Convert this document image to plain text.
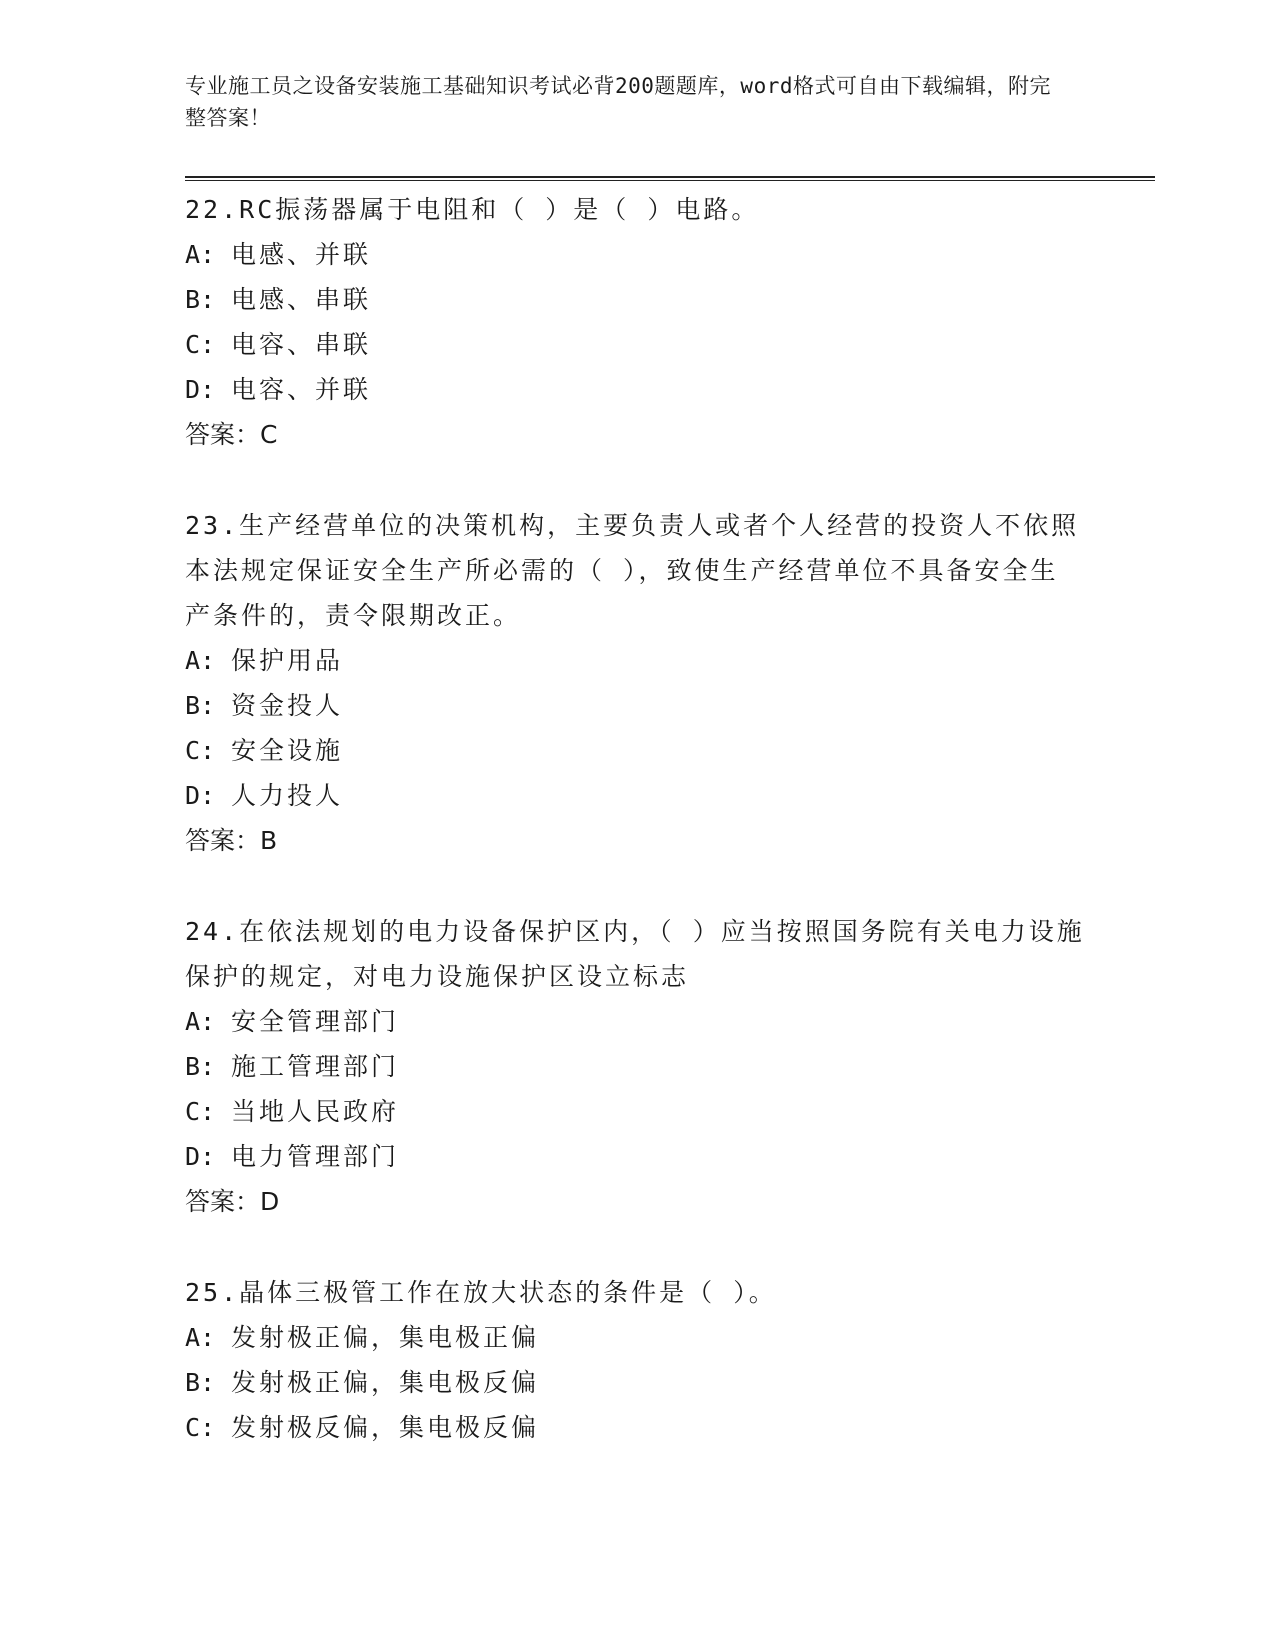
专业施工员之设备安装施工基础知识考试必背200题题库，word格式可自由下载编辑，附完整答案！

22.RC振荡器属于电阻和（ ）是（ ）电路。

A: 电感、并联

B: 电感、串联

C: 电容、串联

D: 电容、并联

答案：C

23.生产经营单位的决策机构，主要负责人或者个人经营的投资人不依照本法规定保证安全生产所必需的（ ），致使生产经营单位不具备安全生产条件的，责令限期改正。

A: 保护用品

B: 资金投人

C: 安全设施

D: 人力投人

答案：B

24.在依法规划的电力设备保护区内，（ ）应当按照国务院有关电力设施保护的规定，对电力设施保护区设立标志

A: 安全管理部门

B: 施工管理部门

C: 当地人民政府

D: 电力管理部门

答案：D

25.晶体三极管工作在放大状态的条件是（ ）。

A: 发射极正偏，集电极正偏

B: 发射极正偏，集电极反偏

C: 发射极反偏，集电极反偏
